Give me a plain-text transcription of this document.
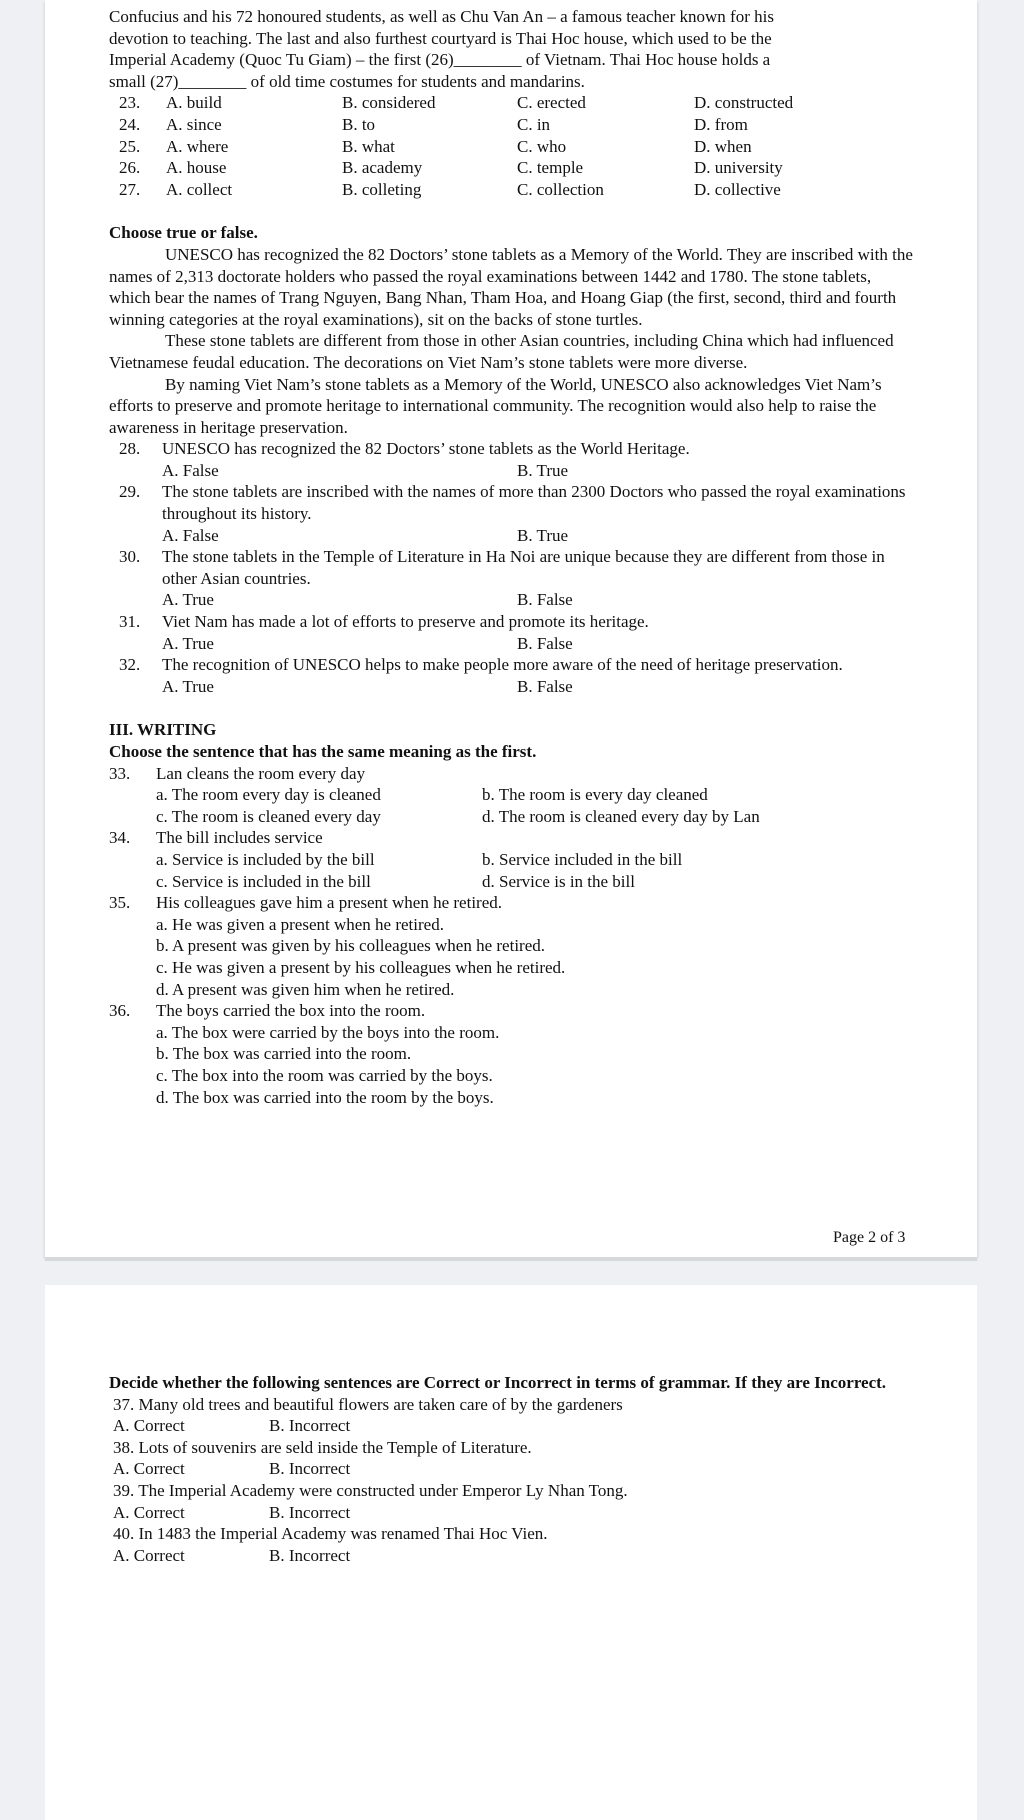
Confucius and his 72 honoured students, as well as Chu Van An – a famous teacher known for his

devotion to teaching. The last and also furthest courtyard is Thai Hoc house, which used to be the

Imperial Academy (Quoc Tu Giam) – the first (26)________ of Vietnam. Thai Hoc house holds a

small (27)________ of old time costumes for students and mandarins.

23. A. build	B. considered	C. erected	D. constructed
24. A. since	B. to	C. in	D. from
25. A. where	B. what	C. who	D. when
26. A. house	B. academy	C. temple	D. university
27. A. collect	B. colleting	C. collection	D. collective

Choose true or false.

UNESCO has recognized the 82 Doctors’ stone tablets as a Memory of the World. They are inscribed with the names of 2,313 doctorate holders who passed the royal examinations between 1442 and 1780. The stone tablets, which bear the names of Trang Nguyen, Bang Nhan, Tham Hoa, and Hoang Giap (the first, second, third and fourth winning categories at the royal examinations), sit on the backs of stone turtles.

These stone tablets are different from those in other Asian countries, including China which had influenced Vietnamese feudal education. The decorations on Viet Nam’s stone tablets were more diverse.

By naming Viet Nam’s stone tablets as a Memory of the World, UNESCO also acknowledges Viet Nam’s efforts to preserve and promote heritage to international community. The recognition would also help to raise the awareness in heritage preservation.

28. UNESCO has recognized the 82 Doctors’ stone tablets as the World Heritage.
A. False	B. True
29. The stone tablets are inscribed with the names of more than 2300 Doctors who passed the royal examinations throughout its history.
A. False	B. True
30. The stone tablets in the Temple of Literature in Ha Noi are unique because they are different from those in other Asian countries.
A. True	B. False
31. Viet Nam has made a lot of efforts to preserve and promote its heritage.
A. True	B. False
32. The recognition of UNESCO helps to make people more aware of the need of heritage preservation.
A. True	B. False

III. WRITING

Choose the sentence that has the same meaning as the first.

33. Lan cleans the room every day
a. The room every day is cleaned	b. The room is every day cleaned
c. The room is cleaned every day	d. The room is cleaned every day by Lan
34. The bill includes service
a. Service is included by the bill	b. Service included in the bill
c. Service is included in the bill	d. Service is in the bill
35. His colleagues gave him a present when he retired.
a. He was given a present when he retired.
b. A present was given by his colleagues when he retired.
c. He was given a present by his colleagues when he retired.
d. A present was given him when he retired.
36. The boys carried the box into the room.
a. The box were carried by the boys into the room.
b. The box was carried into the room.
c. The box into the room was carried by the boys.
d. The box was carried into the room by the boys.
Page 2 of 3

Decide whether the following sentences are Correct or Incorrect in terms of grammar. If they are Incorrect.

37. Many old trees and beautiful flowers are taken care of by the gardeners
A. Correct	B. Incorrect
38. Lots of souvenirs are seld inside the Temple of Literature.
A. Correct	B. Incorrect
39. The Imperial Academy were constructed under Emperor Ly Nhan Tong.
A. Correct	B. Incorrect
40. In 1483 the Imperial Academy was renamed Thai Hoc Vien.
A. Correct	B. Incorrect
